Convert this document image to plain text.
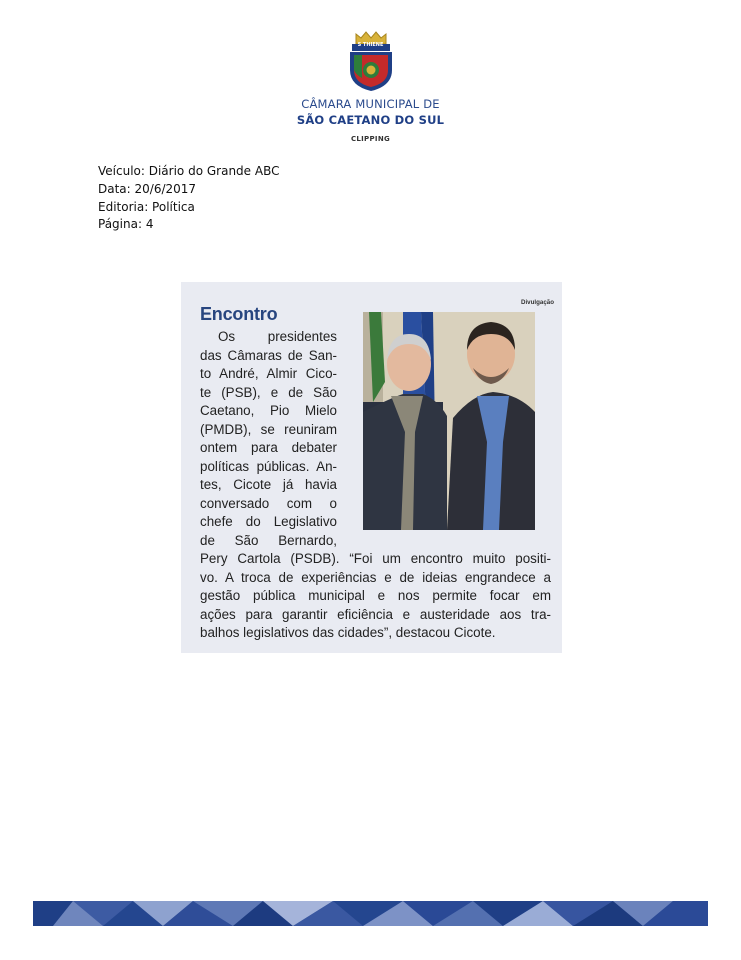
S THIENE
CÂMARA MUNICIPAL DE
SÃO CAETANO DO SUL
CLIPPING
Veículo: Diário do Grande ABC
Data: 20/6/2017
Editoria: Política
Página: 4
Divulgação
Encontro
Os presidentes
das Câmaras de San-
to André, Almir Cico-
te (PSB), e de São
Caetano, Pio Mielo
(PMDB), se reuniram
ontem para debater
políticas públicas. An-
tes, Cicote já havia
conversado com o
chefe do Legislativo
de São Bernardo,
Pery Cartola (PSDB). “Foi um encontro muito positi-
vo. A troca de experiências e de ideias engrandece a
gestão pública municipal e nos permite focar em
ações para garantir eficiência e austeridade aos tra-
balhos legislativos das cidades”, destacou Cicote.
